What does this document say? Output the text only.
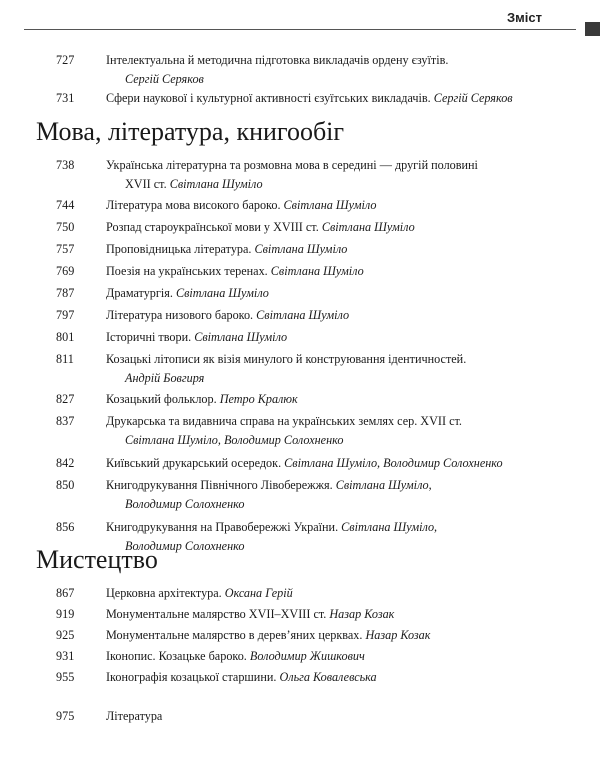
Зміст
727	Інтелектуальна й методична підготовка викладачів ордену єзуїтів.
Сергій Серяков
731	Сфери наукової і культурної активності єзуїтських викладачів. Сергій Серяков
Мова, література, книгообіг
738	Українська літературна та розмовна мова в середині — другій половині
XVII ст. Світлана Шуміло
744	Література мова високого бароко. Світлана Шуміло
750	Розпад староукраїнської мови у XVIII ст. Світлана Шуміло
757	Проповідницька література. Світлана Шуміло
769	Поезія на українських теренах. Світлана Шуміло
787	Драматургія. Світлана Шуміло
797	Література низового бароко. Світлана Шуміло
801	Історичні твори. Світлана Шуміло
811	Козацькі літописи як візія минулого й конструювання ідентичностей.
Андрій Бовгиря
827	Козацький фольклор. Петро Кралюк
837	Друкарська та видавнича справа на українських землях сер. XVII ст.
Світлана Шуміло, Володимир Солохненко
842	Київський друкарський осередок. Світлана Шуміло, Володимир Солохненко
850	Книгодрукування Північного Лівобережжя. Світлана Шуміло,
Володимир Солохненко
856	Книгодрукування на Правобережжі України. Світлана Шуміло,
Володимир Солохненко
Мистецтво
867	Церковна архітектура. Оксана Герій
919	Монументальне малярство XVII–XVIII ст. Назар Козак
925	Монументальне малярство в дерев’яних церквах. Назар Козак
931	Іконопис. Козацьке бароко. Володимир Жишкович
955	Іконографія козацької старшини. Ольга Ковалевська
975	Література
